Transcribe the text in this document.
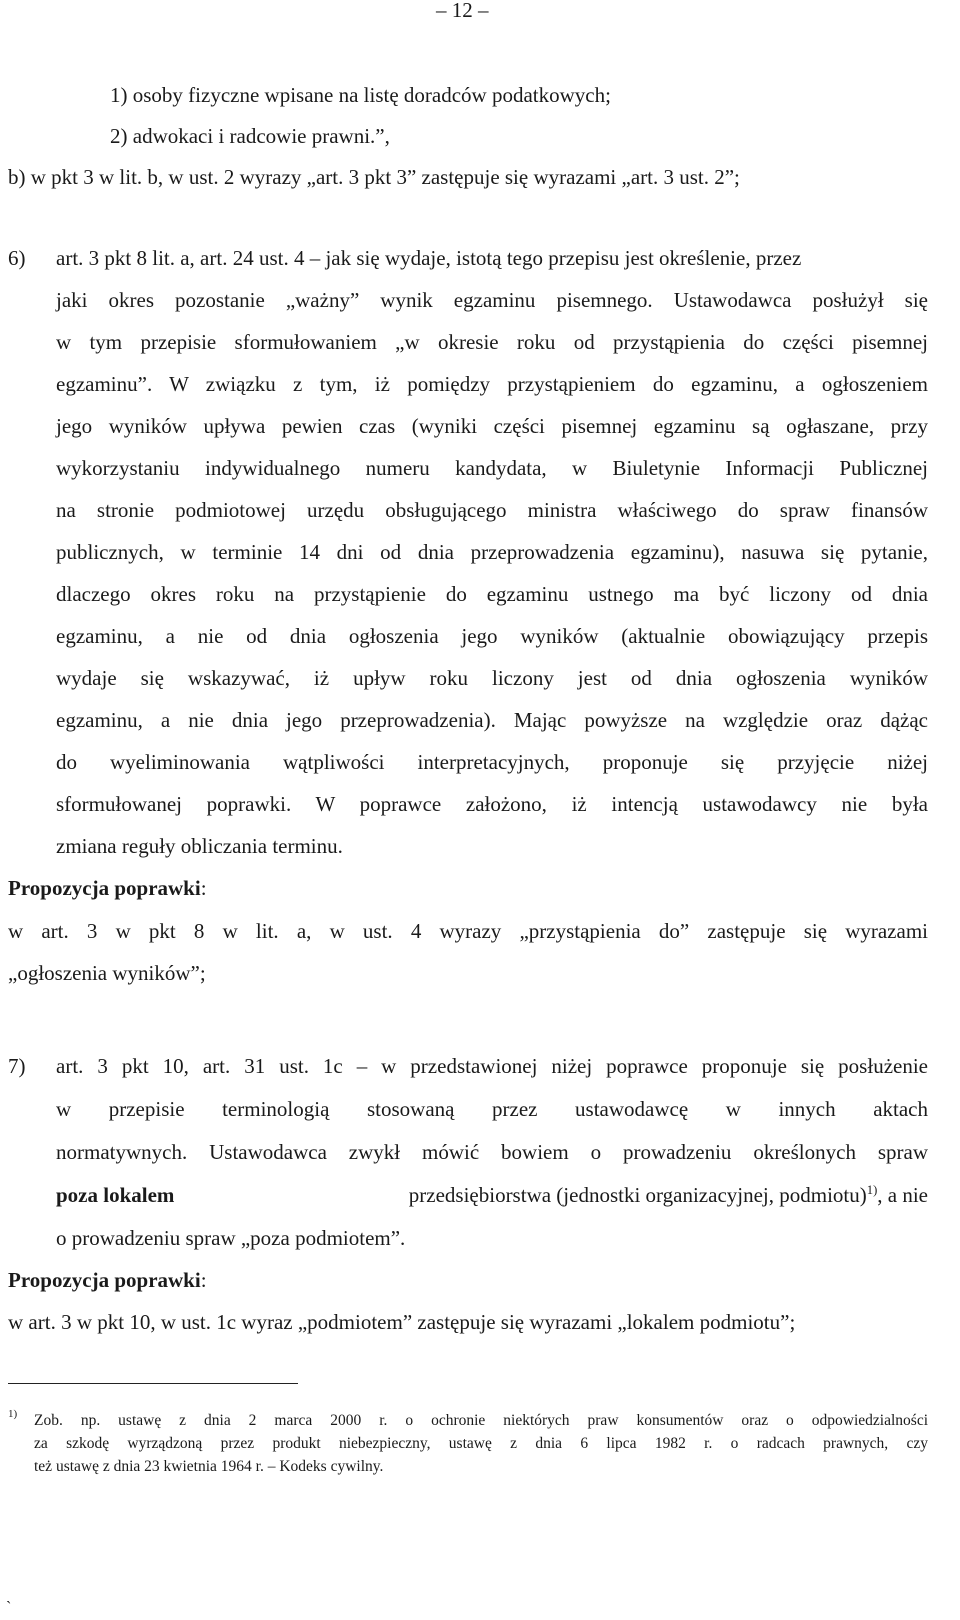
– 12 –
1) osoby fizyczne wpisane na listę doradców podatkowych;
2) adwokaci i radcowie prawni.”,
b) w pkt 3 w lit. b, w ust. 2 wyrazy „art. 3 pkt 3” zastępuje się wyrazami „art. 3 ust. 2”;
6) art. 3 pkt 8 lit. a, art. 24 ust. 4 – jak się wydaje, istotą tego przepisu jest określenie, przez
jaki okres pozostanie „ważny” wynik egzaminu pisemnego. Ustawodawca posłużył się
w tym przepisie sformułowaniem „w okresie roku od przystąpienia do części pisemnej
egzaminu”. W związku z tym, iż pomiędzy przystąpieniem do egzaminu, a ogłoszeniem
jego wyników upływa pewien czas (wyniki części pisemnej egzaminu są ogłaszane, przy
wykorzystaniu indywidualnego numeru kandydata, w Biuletynie Informacji Publicznej
na stronie podmiotowej urzędu obsługującego ministra właściwego do spraw finansów
publicznych, w terminie 14 dni od dnia przeprowadzenia egzaminu), nasuwa się pytanie,
dlaczego okres roku na przystąpienie do egzaminu ustnego ma być liczony od dnia
egzaminu, a nie od dnia ogłoszenia jego wyników (aktualnie obowiązujący przepis
wydaje się wskazywać, iż upływ roku liczony jest od dnia ogłoszenia wyników
egzaminu, a nie dnia jego przeprowadzenia). Mając powyższe na względzie oraz dążąc
do wyeliminowania wątpliwości interpretacyjnych, proponuje się przyjęcie niżej
sformułowanej poprawki. W poprawce założono, iż intencją ustawodawcy nie była
zmiana reguły obliczania terminu.
Propozycja poprawki:
w art. 3 w pkt 8 w lit. a, w ust. 4 wyrazy „przystąpienia do” zastępuje się wyrazami
„ogłoszenia wyników”;
7) art. 3 pkt 10, art. 31 ust. 1c – w przedstawionej niżej poprawce proponuje się posłużenie
w przepisie terminologią stosowaną przez ustawodawcę w innych aktach
normatywnych. Ustawodawca zwykł mówić bowiem o prowadzeniu określonych spraw
poza lokalem	przedsiębiorstwa (jednostki organizacyjnej, podmiotu)$^{1)}$, a nie
o prowadzeniu spraw „poza podmiotem”.
Propozycja poprawki:
w art. 3 w pkt 10, w ust. 1c wyraz „podmiotem” zastępuje się wyrazami „lokalem podmiotu”;
1) Zob. np. ustawę z dnia 2 marca 2000 r. o ochronie niektórych praw konsumentów oraz o odpowiedzialności
za szkodę wyrządzoną przez produkt niebezpieczny, ustawę z dnia 6 lipca 1982 r. o radcach prawnych, czy
też ustawę z dnia 23 kwietnia 1964 r. – Kodeks cywilny.
`
